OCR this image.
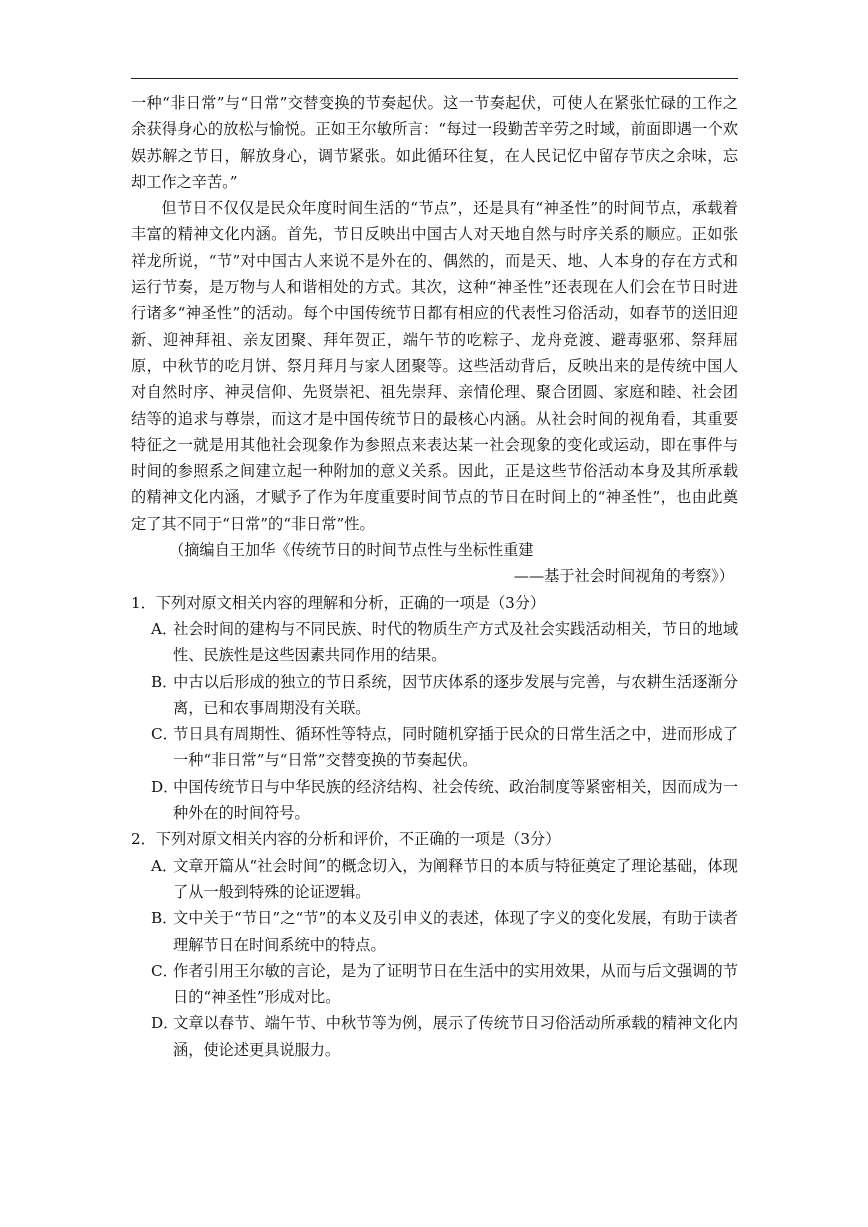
一种“非日常”与“日常”交替变换的节奏起伏。这一节奏起伏，可使人在紧张忙碌的工作之余获得身心的放松与愉悦。正如王尔敏所言：“每过一段勤苦辛劳之时域，前面即遇一个欢娱苏解之节日，解放身心，调节紧张。如此循环往复，在人民记忆中留存节庆之余味，忘却工作之辛苦。”

但节日不仅仅是民众年度时间生活的“节点”，还是具有“神圣性”的时间节点，承载着丰富的精神文化内涵。首先，节日反映出中国古人对天地自然与时序关系的顺应。正如张祥龙所说，“节”对中国古人来说不是外在的、偶然的，而是天、地、人本身的存在方式和运行节奏，是万物与人和谐相处的方式。其次，这种“神圣性”还表现在人们会在节日时进行诸多“神圣性”的活动。每个中国传统节日都有相应的代表性习俗活动，如春节的送旧迎新、迎神拜祖、亲友团聚、拜年贺正，端午节的吃粽子、龙舟竞渡、避毒驱邪、祭拜屈原，中秋节的吃月饼、祭月拜月与家人团聚等。这些活动背后，反映出来的是传统中国人对自然时序、神灵信仰、先贤崇祀、祖先崇拜、亲情伦理、聚合团圆、家庭和睦、社会团结等的追求与尊崇，而这才是中国传统节日的最核心内涵。从社会时间的视角看，其重要特征之一就是用其他社会现象作为参照点来表达某一社会现象的变化或运动，即在事件与时间的参照系之间建立起一种附加的意义关系。因此，正是这些节俗活动本身及其所承载的精神文化内涵，才赋予了作为年度重要时间节点的节日在时间上的“神圣性”，也由此奠定了其不同于“日常”的“非日常”性。

（摘编自王加华《传统节日的时间节点性与坐标性重建

——基于社会时间视角的考察》）

1．下列对原文相关内容的理解和分析，正确的一项是（3分）

A．社会时间的建构与不同民族、时代的物质生产方式及社会实践活动相关，节日的地域性、民族性是这些因素共同作用的结果。

B．中古以后形成的独立的节日系统，因节庆体系的逐步发展与完善，与农耕生活逐渐分离，已和农事周期没有关联。

C．节日具有周期性、循环性等特点，同时随机穿插于民众的日常生活之中，进而形成了一种“非日常”与“日常”交替变换的节奏起伏。

D．中国传统节日与中华民族的经济结构、社会传统、政治制度等紧密相关，因而成为一种外在的时间符号。

2．下列对原文相关内容的分析和评价，不正确的一项是（3分）

A．文章开篇从“社会时间”的概念切入，为阐释节日的本质与特征奠定了理论基础，体现了从一般到特殊的论证逻辑。

B．文中关于“节日”之“节”的本义及引申义的表述，体现了字义的变化发展，有助于读者理解节日在时间系统中的特点。

C．作者引用王尔敏的言论，是为了证明节日在生活中的实用效果，从而与后文强调的节日的“神圣性”形成对比。

D．文章以春节、端午节、中秋节等为例，展示了传统节日习俗活动所承载的精神文化内涵，使论述更具说服力。
